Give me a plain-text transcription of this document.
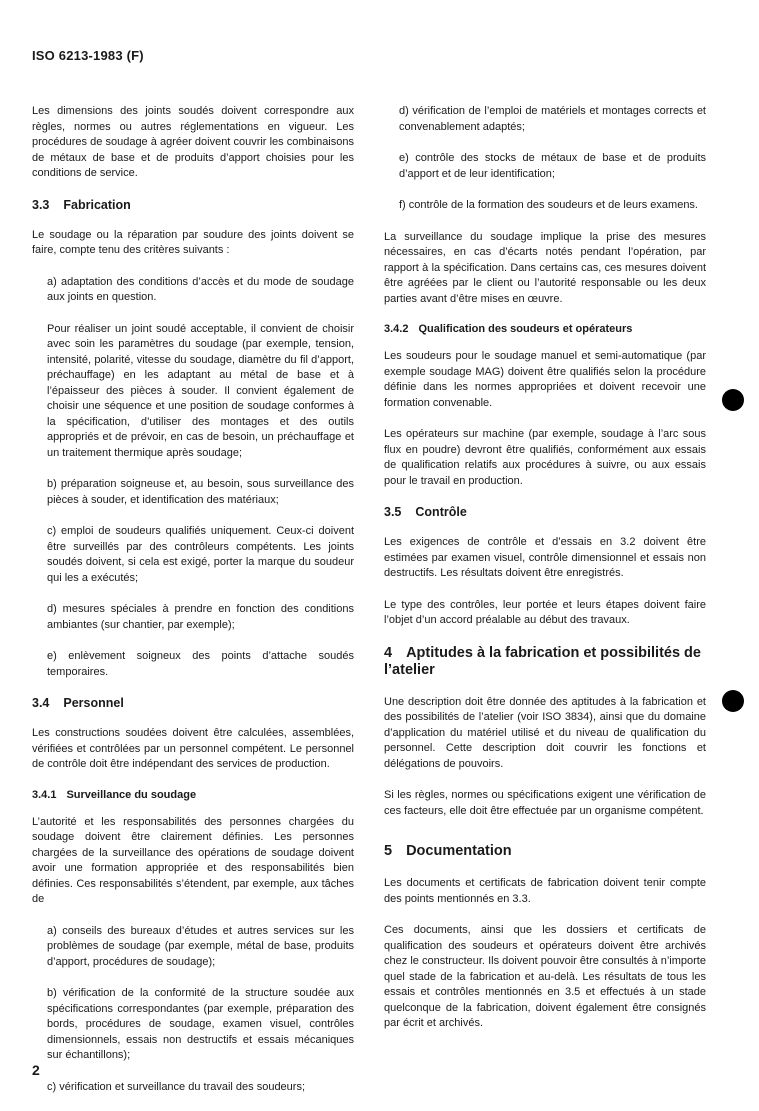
ISO 6213-1983 (F)

Les dimensions des joints soudés doivent correspondre aux règles, normes ou autres réglementations en vigueur. Les procédures de soudage à agréer doivent couvrir les combinaisons de métaux de base et de produits d’apport choisies pour les conditions de service.

3.3 Fabrication

Le soudage ou la réparation par soudure des joints doivent se faire, compte tenu des critères suivants :

a) adaptation des conditions d’accès et du mode de soudage aux joints en question.

Pour réaliser un joint soudé acceptable, il convient de choisir avec soin les paramètres du soudage (par exemple, tension, intensité, polarité, vitesse du soudage, diamètre du fil d’apport, préchauffage) en les adaptant au métal de base et à l’épaisseur des pièces à souder. Il convient également de choisir une séquence et une position de soudage conformes à la spécification, d’utiliser des montages et des outils appropriés et de prévoir, en cas de besoin, un préchauffage et un traitement thermique après soudage;

b) préparation soigneuse et, au besoin, sous surveillance des pièces à souder, et identification des matériaux;

c) emploi de soudeurs qualifiés uniquement. Ceux-ci doivent être surveillés par des contrôleurs compétents. Les joints soudés doivent, si cela est exigé, porter la marque du soudeur qui les a exécutés;

d) mesures spéciales à prendre en fonction des conditions ambiantes (sur chantier, par exemple);

e) enlèvement soigneux des points d’attache soudés temporaires.

3.4 Personnel

Les constructions soudées doivent être calculées, assemblées, vérifiées et contrôlées par un personnel compétent. Le personnel de contrôle doit être indépendant des services de production.

3.4.1 Surveillance du soudage

L’autorité et les responsabilités des personnes chargées du soudage doivent être clairement définies. Les personnes chargées de la surveillance des opérations de soudage doivent avoir une formation appropriée et des responsabilités bien définies. Ces responsabilités s’étendent, par exemple, aux tâches de

a) conseils des bureaux d’études et autres services sur les problèmes de soudage (par exemple, métal de base, produits d’apport, procédures de soudage);

b) vérification de la conformité de la structure soudée aux spécifications correspondantes (par exemple, préparation des bords, procédures de soudage, examen visuel, contrôles dimensionnels, essais non destructifs et essais mécaniques sur échantillons);

c) vérification et surveillance du travail des soudeurs;

d) vérification de l’emploi de matériels et montages corrects et convenablement adaptés;

e) contrôle des stocks de métaux de base et de produits d’apport et de leur identification;

f) contrôle de la formation des soudeurs et de leurs examens.

La surveillance du soudage implique la prise des mesures nécessaires, en cas d’écarts notés pendant l’opération, par rapport à la spécification. Dans certains cas, ces mesures doivent être agréées par le client ou l’autorité responsable ou les deux parties avant d’être mises en œuvre.

3.4.2 Qualification des soudeurs et opérateurs

Les soudeurs pour le soudage manuel et semi-automatique (par exemple soudage MAG) doivent être qualifiés selon la procédure définie dans les normes appropriées et doivent recevoir une formation convenable.

Les opérateurs sur machine (par exemple, soudage à l’arc sous flux en poudre) devront être qualifiés, conformément aux essais de qualification relatifs aux procédures à suivre, ou aux essais pour le travail en production.

3.5 Contrôle

Les exigences de contrôle et d’essais en 3.2 doivent être estimées par examen visuel, contrôle dimensionnel et essais non destructifs. Les résultats doivent être enregistrés.

Le type des contrôles, leur portée et leurs étapes doivent faire l’objet d’un accord préalable au début des travaux.

4 Aptitudes à la fabrication et possibilités de l’atelier

Une description doit être donnée des aptitudes à la fabrication et des possibilités de l’atelier (voir ISO 3834), ainsi que du domaine d’application du matériel utilisé et du niveau de qualification du personnel. Cette description doit couvrir les fonctions et délégations de pouvoirs.

Si les règles, normes ou spécifications exigent une vérification de ces facteurs, elle doit être effectuée par un organisme compétent.

5 Documentation

Les documents et certificats de fabrication doivent tenir compte des points mentionnés en 3.3.

Ces documents, ainsi que les dossiers et certificats de qualification des soudeurs et opérateurs doivent être archivés chez le constructeur. Ils doivent pouvoir être consultés à n’importe quel stade de la fabrication et au-delà. Les résultats de tous les essais et contrôles mentionnés en 3.5 et effectués à un stade quelconque de la fabrication, doivent également être consignés par écrit et archivés.

2
